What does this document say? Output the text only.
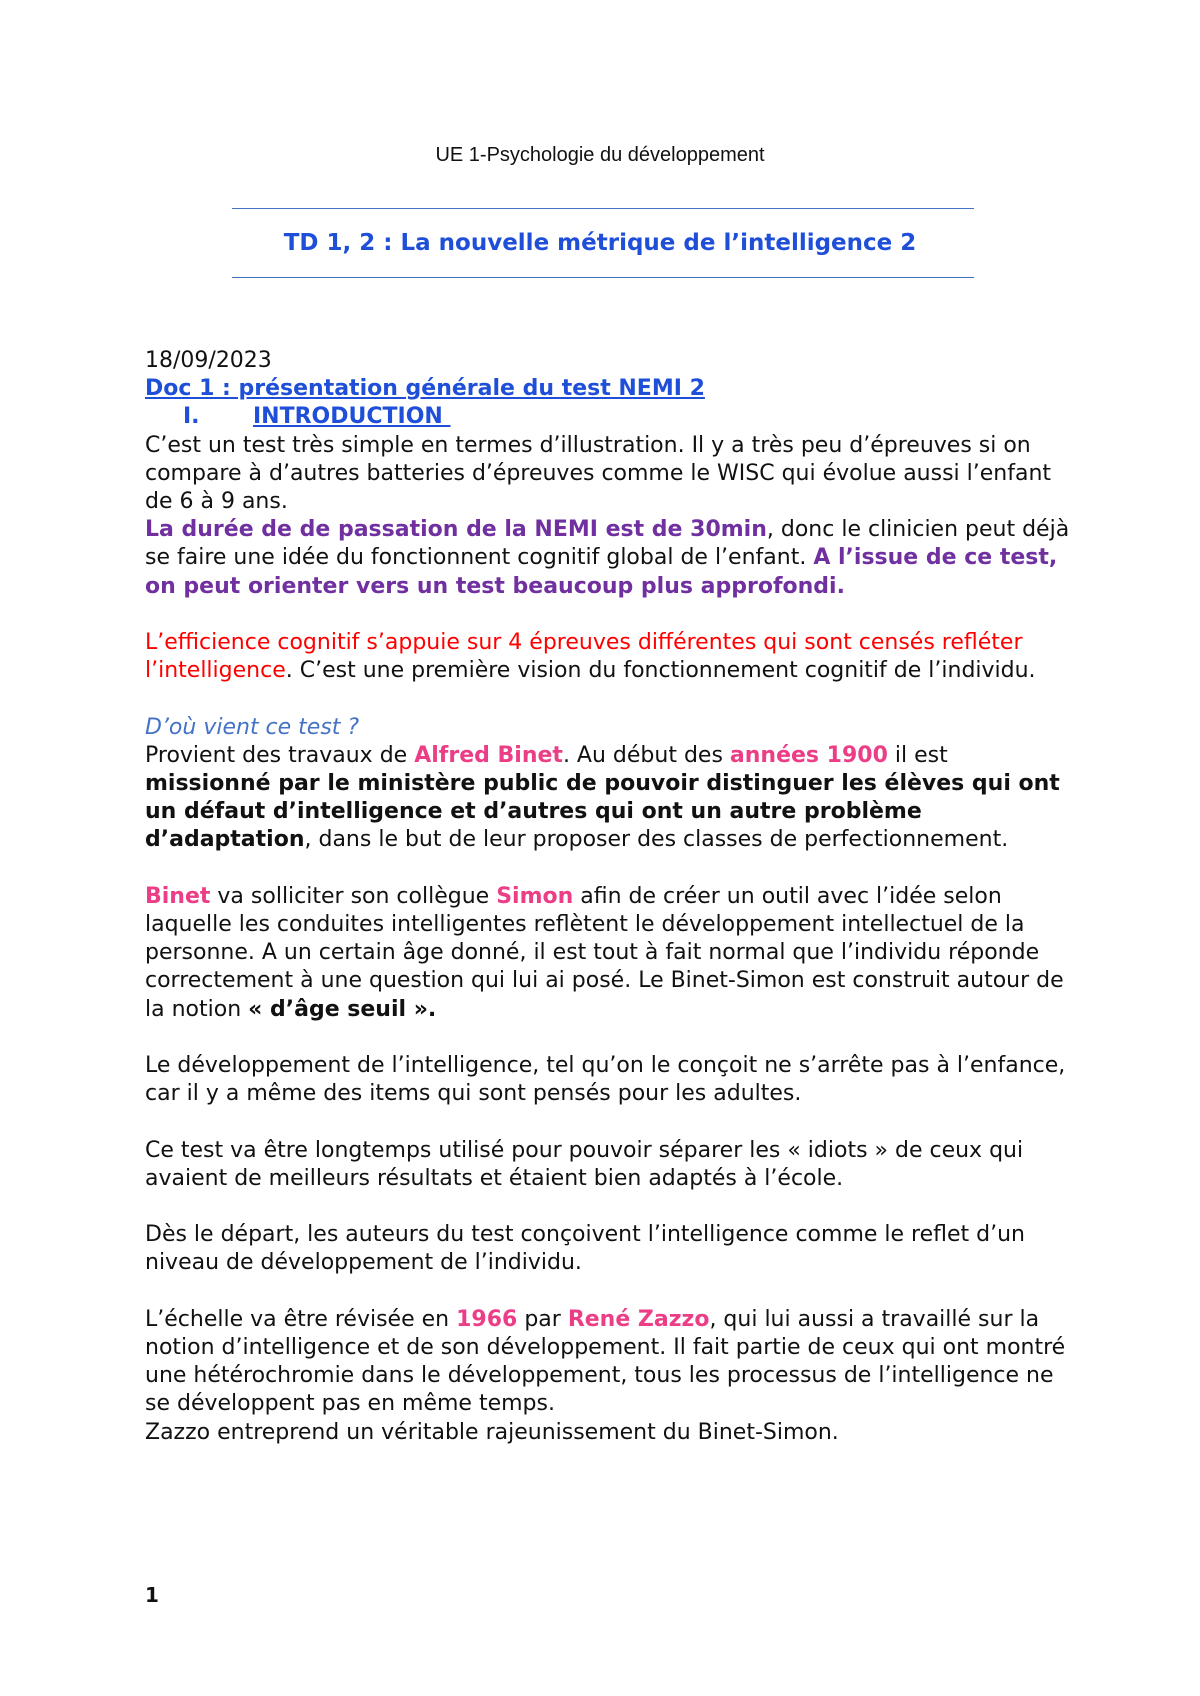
UE 1-Psychologie du développement
TD 1, 2 : La nouvelle métrique de l’intelligence 2

18/09/2023

Doc 1 : présentation générale du test NEMI 2

I. INTRODUCTION

C’est un test très simple en termes d’illustration. Il y a très peu d’épreuves si on compare à d’autres batteries d’épreuves comme le WISC qui évolue aussi l’enfant de 6 à 9 ans.

La durée de de passation de la NEMI est de 30min, donc le clinicien peut déjà se faire une idée du fonctionnent cognitif global de l’enfant. A l’issue de ce test, on peut orienter vers un test beaucoup plus approfondi.

L’efficience cognitif s’appuie sur 4 épreuves différentes qui sont censés refléter l’intelligence. C’est une première vision du fonctionnement cognitif de l’individu.

D’où vient ce test ?

Provient des travaux de Alfred Binet. Au début des années 1900 il est missionné par le ministère public de pouvoir distinguer les élèves qui ont un défaut d’intelligence et d’autres qui ont un autre problème d’adaptation, dans le but de leur proposer des classes de perfectionnement.

Binet va solliciter son collègue Simon afin de créer un outil avec l’idée selon laquelle les conduites intelligentes reflètent le développement intellectuel de la personne. A un certain âge donné, il est tout à fait normal que l’individu réponde correctement à une question qui lui ai posé. Le Binet-Simon est construit autour de la notion « d’âge seuil ».

Le développement de l’intelligence, tel qu’on le conçoit ne s’arrête pas à l’enfance, car il y a même des items qui sont pensés pour les adultes.

Ce test va être longtemps utilisé pour pouvoir séparer les « idiots » de ceux qui avaient de meilleurs résultats et étaient bien adaptés à l’école.

Dès le départ, les auteurs du test conçoivent l’intelligence comme le reflet d’un niveau de développement de l’individu.

L’échelle va être révisée en 1966 par René Zazzo, qui lui aussi a travaillé sur la notion d’intelligence et de son développement. Il fait partie de ceux qui ont montré une hétérochromie dans le développement, tous les processus de l’intelligence ne se développent pas en même temps.

Zazzo entreprend un véritable rajeunissement du Binet-Simon.

1
